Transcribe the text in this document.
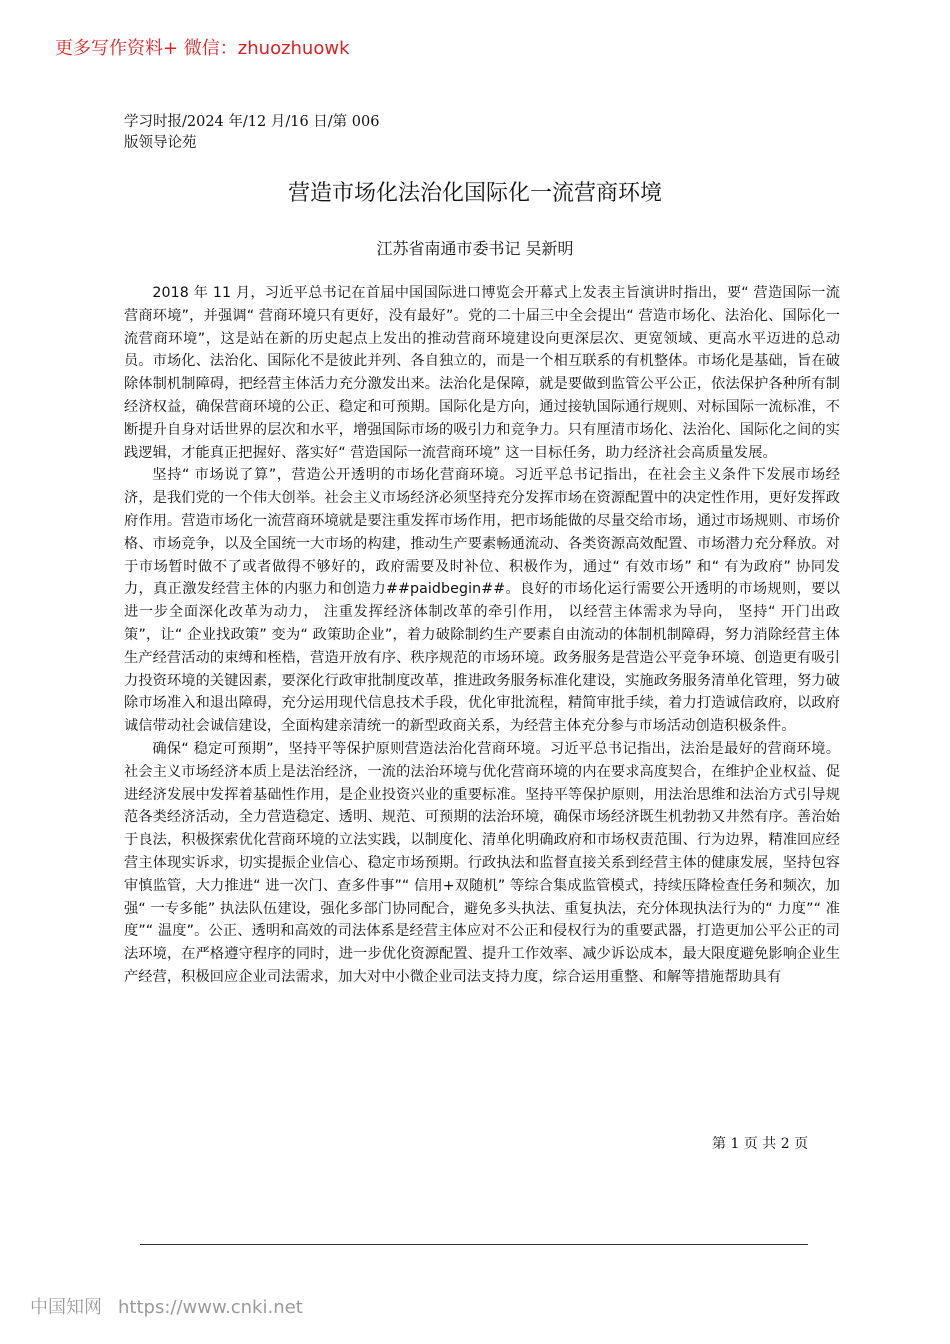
更多写作资料+ 微信：zhuozhuowk
学习时报/2024 年/12 月/16 日/第 006
版领导论苑
营造市场化法治化国际化一流营商环境
江苏省南通市委书记 吴新明

2018 年 11 月，习近平总书记在首届中国国际进口博览会开幕式上发表主旨演讲时指出，要“ 营造国际一流营商环境”，并强调“ 营商环境只有更好，没有最好”。党的二十届三中全会提出“ 营造市场化、法治化、国际化一流营商环境”，这是站在新的历史起点上发出的推动营商环境建设向更深层次、更宽领域、更高水平迈进的总动员。市场化、法治化、国际化不是彼此并列、各自独立的，而是一个相互联系的有机整体。市场化是基础，旨在破除体制机制障碍，把经营主体活力充分激发出来。法治化是保障，就是要做到监管公平公正，依法保护各种所有制经济权益，确保营商环境的公正、稳定和可预期。国际化是方向，通过接轨国际通行规则、对标国际一流标准，不断提升自身对话世界的层次和水平，增强国际市场的吸引力和竞争力。只有厘清市场化、法治化、国际化之间的实践逻辑，才能真正把握好、落实好“ 营造国际一流营商环境” 这一目标任务，助力经济社会高质量发展。

坚持“ 市场说了算”，营造公开透明的市场化营商环境。习近平总书记指出，在社会主义条件下发展市场经济，是我们党的一个伟大创举。社会主义市场经济必须坚持充分发挥市场在资源配置中的决定性作用，更好发挥政府作用。营造市场化一流营商环境就是要注重发挥市场作用，把市场能做的尽量交给市场，通过市场规则、市场价格、市场竞争，以及全国统一大市场的构建，推动生产要素畅通流动、各类资源高效配置、市场潜力充分释放。对于市场暂时做不了或者做得不够好的，政府需要及时补位、积极作为，通过“ 有效市场” 和“ 有为政府” 协同发力，真正激发经营主体的内驱力和创造力##paidbegin##。良好的市场化运行需要公开透明的市场规则，要以进一步全面深化改革为动力， 注重发挥经济体制改革的牵引作用， 以经营主体需求为导向， 坚持“ 开门出政策”，让“ 企业找政策” 变为“ 政策助企业”，着力破除制约生产要素自由流动的体制机制障碍，努力消除经营主体生产经营活动的束缚和桎梏，营造开放有序、秩序规范的市场环境。政务服务是营造公平竞争环境、创造更有吸引力投资环境的关键因素，要深化行政审批制度改革，推进政务服务标准化建设，实施政务服务清单化管理，努力破除市场准入和退出障碍，充分运用现代信息技术手段，优化审批流程，精简审批手续，着力打造诚信政府，以政府诚信带动社会诚信建设，全面构建亲清统一的新型政商关系，为经营主体充分参与市场活动创造积极条件。

确保“ 稳定可预期”，坚持平等保护原则营造法治化营商环境。习近平总书记指出，法治是最好的营商环境。社会主义市场经济本质上是法治经济，一流的法治环境与优化营商环境的内在要求高度契合，在维护企业权益、促进经济发展中发挥着基础性作用，是企业投资兴业的重要标准。坚持平等保护原则，用法治思维和法治方式引导规范各类经济活动，全力营造稳定、透明、规范、可预期的法治环境，确保市场经济既生机勃勃又井然有序。善治始于良法，积极探索优化营商环境的立法实践，以制度化、清单化明确政府和市场权责范围、行为边界，精准回应经营主体现实诉求，切实提振企业信心、稳定市场预期。行政执法和监督直接关系到经营主体的健康发展，坚持包容审慎监管，大力推进“ 进一次门、查多件事”“ 信用+双随机” 等综合集成监管模式，持续压降检查任务和频次，加强“ 一专多能” 执法队伍建设，强化多部门协同配合，避免多头执法、重复执法，充分体现执法行为的“ 力度”“ 准度”“ 温度”。公正、透明和高效的司法体系是经营主体应对不公正和侵权行为的重要武器，打造更加公平公正的司法环境，在严格遵守程序的同时，进一步优化资源配置、提升工作效率、减少诉讼成本，最大限度避免影响企业生产经营，积极回应企业司法需求，加大对中小微企业司法支持力度，综合运用重整、和解等措施帮助具有

第 1 页 共 2 页
中国知网 https://www.cnki.net
